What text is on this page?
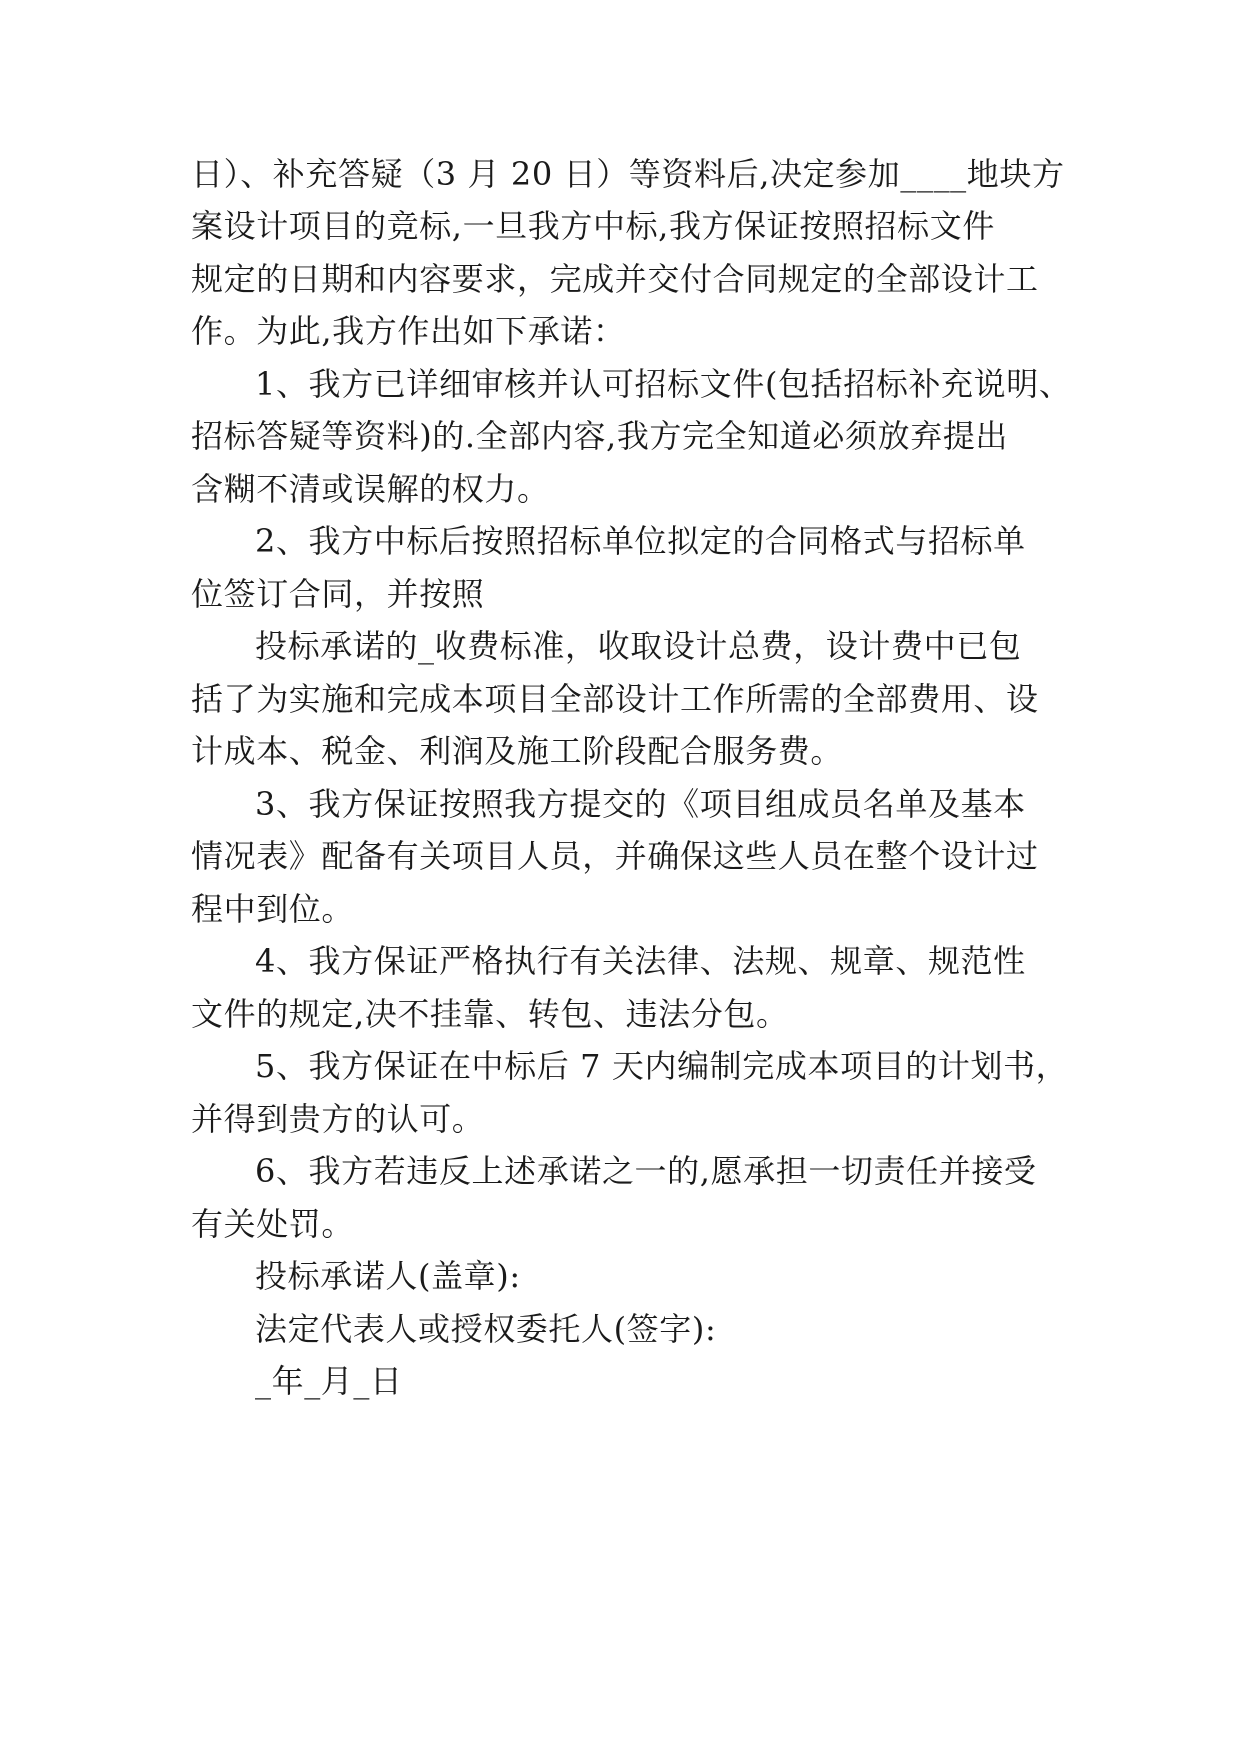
日）、补充答疑（3 月 20 日）等资料后,决定参加____地块方
案设计项目的竞标,一旦我方中标,我方保证按照招标文件
规定的日期和内容要求，完成并交付合同规定的全部设计工
作。为此,我方作出如下承诺：
1、我方已详细审核并认可招标文件(包括招标补充说明、
招标答疑等资料)的.全部内容,我方完全知道必须放弃提出
含糊不清或误解的权力。
2、我方中标后按照招标单位拟定的合同格式与招标单
位签订合同，并按照
投标承诺的_收费标准，收取设计总费，设计费中已包
括了为实施和完成本项目全部设计工作所需的全部费用、设
计成本、税金、利润及施工阶段配合服务费。
3、我方保证按照我方提交的《项目组成员名单及基本
情况表》配备有关项目人员，并确保这些人员在整个设计过
程中到位。
4、我方保证严格执行有关法律、法规、规章、规范性
文件的规定,决不挂靠、转包、违法分包。
5、我方保证在中标后 7 天内编制完成本项目的计划书，
并得到贵方的认可。
6、我方若违反上述承诺之一的,愿承担一切责任并接受
有关处罚。
投标承诺人(盖章):
法定代表人或授权委托人(签字):
_年_月_日
